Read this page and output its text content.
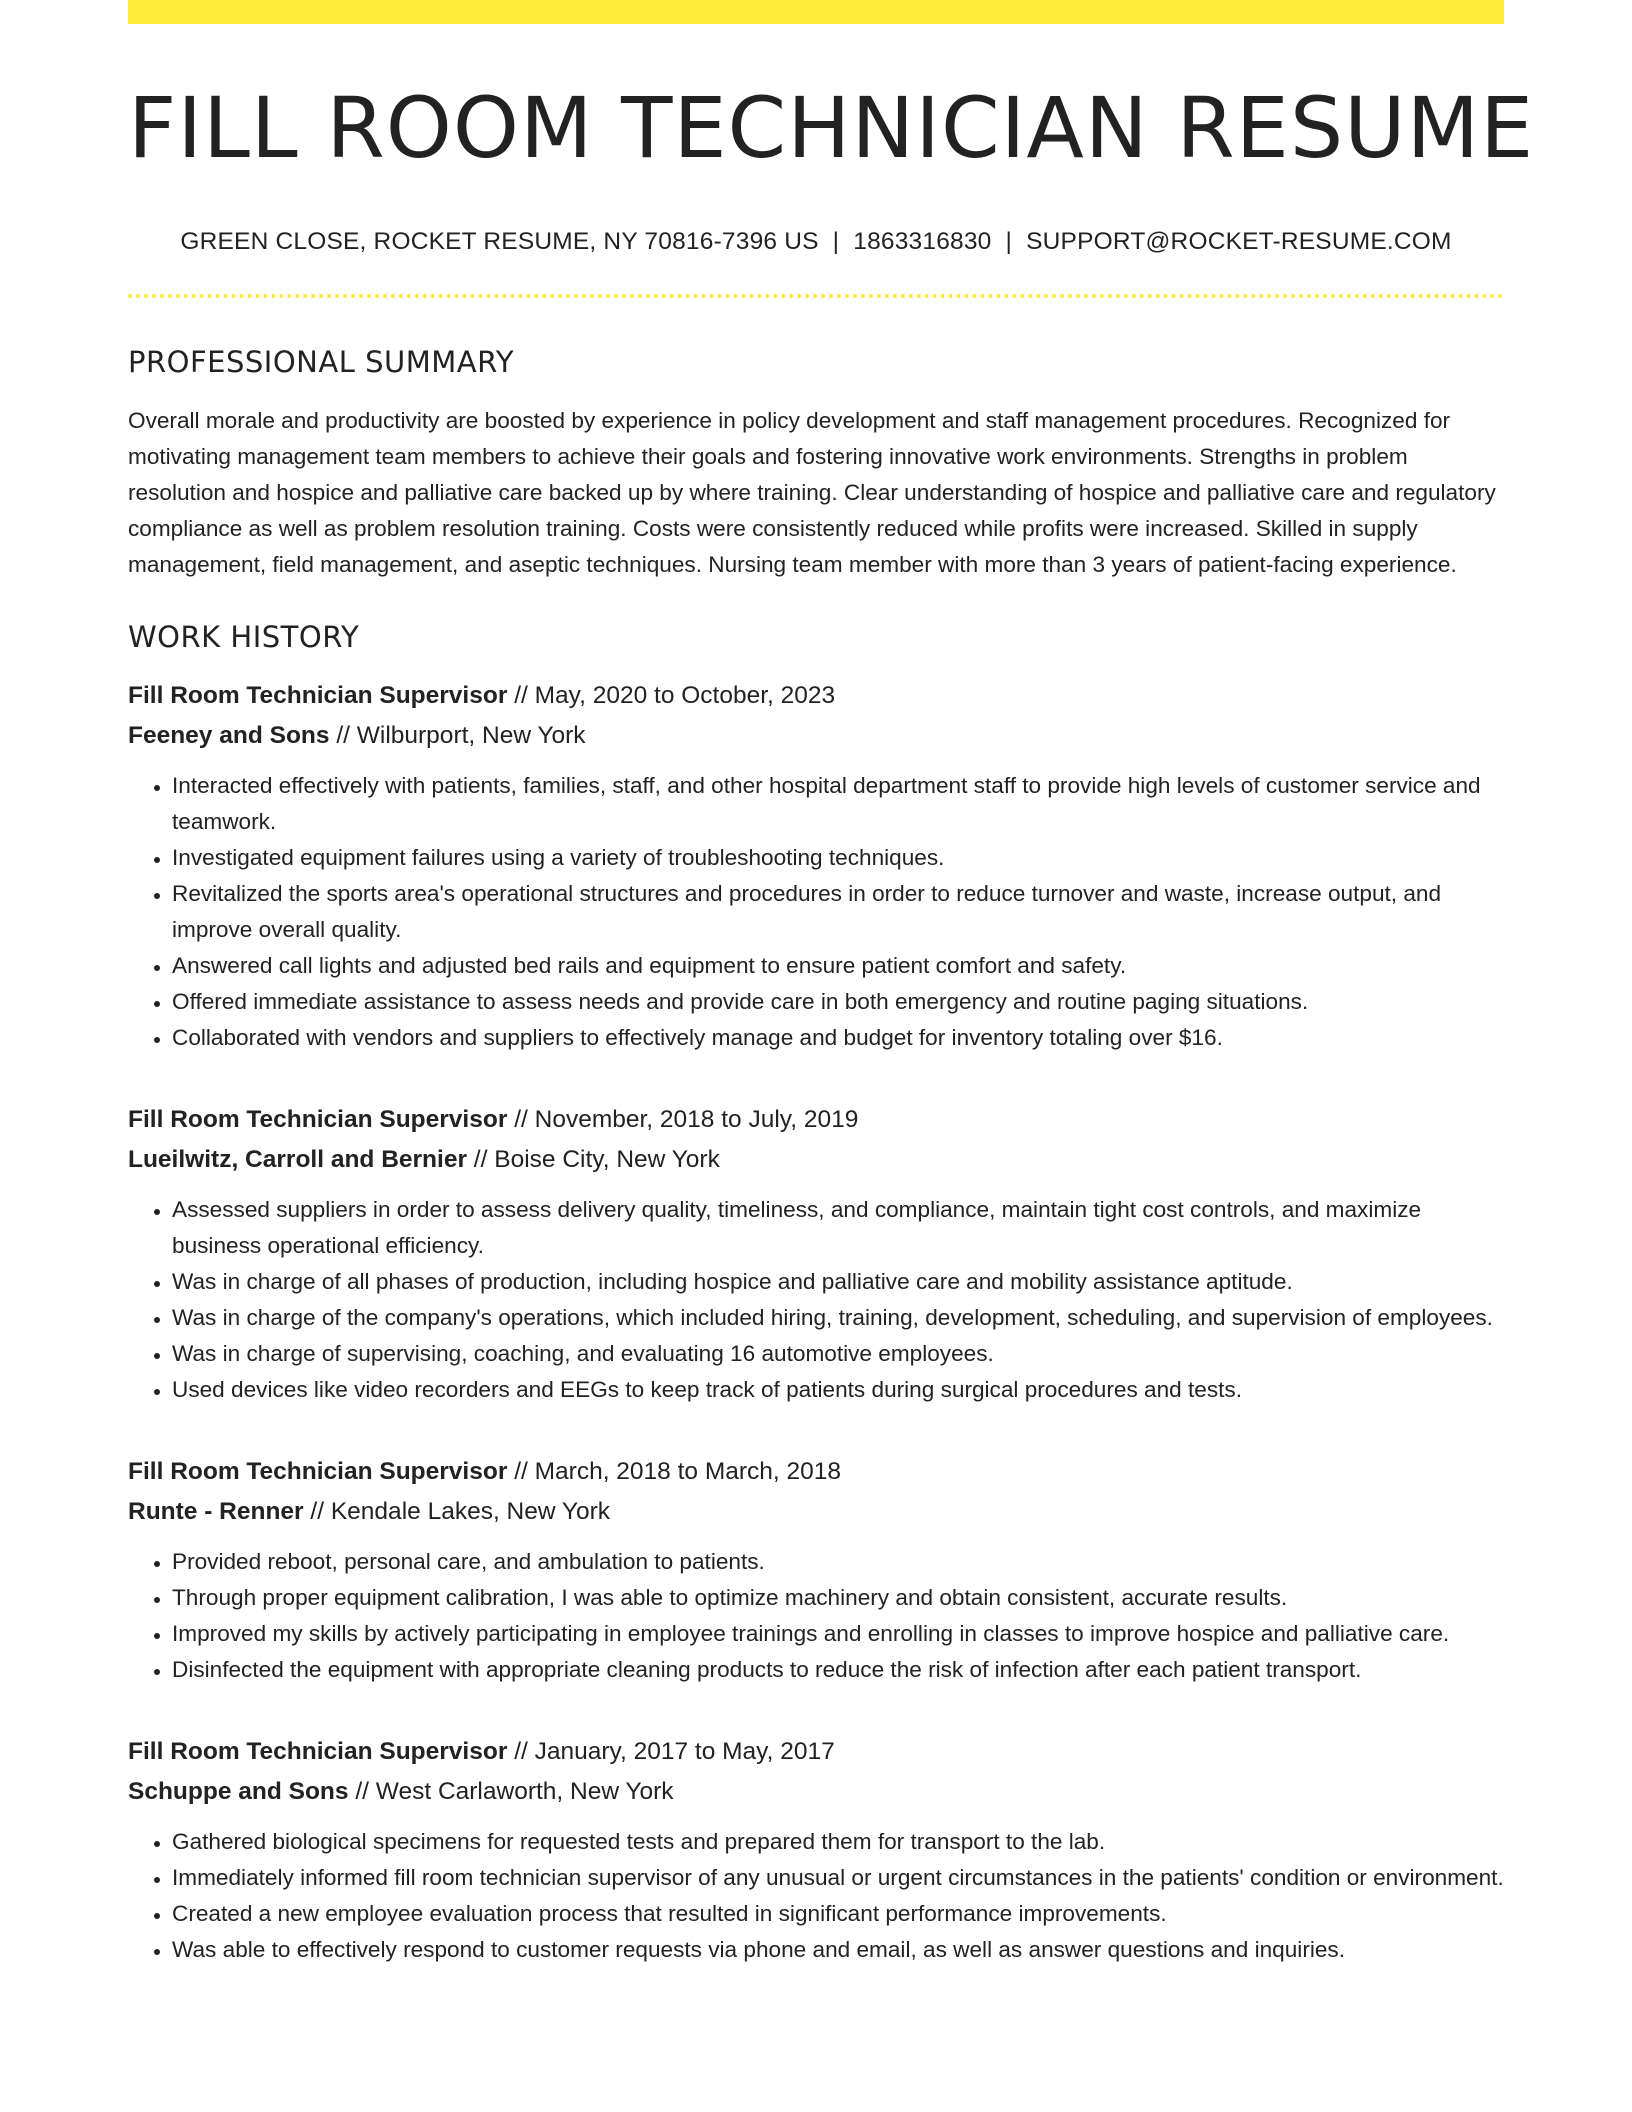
FILL ROOM TECHNICIAN RESUME
GREEN CLOSE, ROCKET RESUME, NY 70816-7396 US | 1863316830 | SUPPORT@ROCKET-RESUME.COM
PROFESSIONAL SUMMARY

Overall morale and productivity are boosted by experience in policy development and staff management procedures. Recognized for motivating management team members to achieve their goals and fostering innovative work environments. Strengths in problem resolution and hospice and palliative care backed up by where training. Clear understanding of hospice and palliative care and regulatory compliance as well as problem resolution training. Costs were consistently reduced while profits were increased. Skilled in supply management, field management, and aseptic techniques. Nursing team member with more than 3 years of patient-facing experience.

WORK HISTORY
Fill Room Technician Supervisor // May, 2020 to October, 2023
Feeney and Sons // Wilburport, New York
• Interacted effectively with patients, families, staff, and other hospital department staff to provide high levels of customer service and teamwork.
• Investigated equipment failures using a variety of troubleshooting techniques.
• Revitalized the sports area's operational structures and procedures in order to reduce turnover and waste, increase output, and improve overall quality.
• Answered call lights and adjusted bed rails and equipment to ensure patient comfort and safety.
• Offered immediate assistance to assess needs and provide care in both emergency and routine paging situations.
• Collaborated with vendors and suppliers to effectively manage and budget for inventory totaling over $16.
Fill Room Technician Supervisor // November, 2018 to July, 2019
Lueilwitz, Carroll and Bernier // Boise City, New York
• Assessed suppliers in order to assess delivery quality, timeliness, and compliance, maintain tight cost controls, and maximize business operational efficiency.
• Was in charge of all phases of production, including hospice and palliative care and mobility assistance aptitude.
• Was in charge of the company's operations, which included hiring, training, development, scheduling, and supervision of employees.
• Was in charge of supervising, coaching, and evaluating 16 automotive employees.
• Used devices like video recorders and EEGs to keep track of patients during surgical procedures and tests.
Fill Room Technician Supervisor // March, 2018 to March, 2018
Runte - Renner // Kendale Lakes, New York
• Provided reboot, personal care, and ambulation to patients.
• Through proper equipment calibration, I was able to optimize machinery and obtain consistent, accurate results.
• Improved my skills by actively participating in employee trainings and enrolling in classes to improve hospice and palliative care.
• Disinfected the equipment with appropriate cleaning products to reduce the risk of infection after each patient transport.
Fill Room Technician Supervisor // January, 2017 to May, 2017
Schuppe and Sons // West Carlaworth, New York
• Gathered biological specimens for requested tests and prepared them for transport to the lab.
• Immediately informed fill room technician supervisor of any unusual or urgent circumstances in the patients' condition or environment.
• Created a new employee evaluation process that resulted in significant performance improvements.
• Was able to effectively respond to customer requests via phone and email, as well as answer questions and inquiries.
